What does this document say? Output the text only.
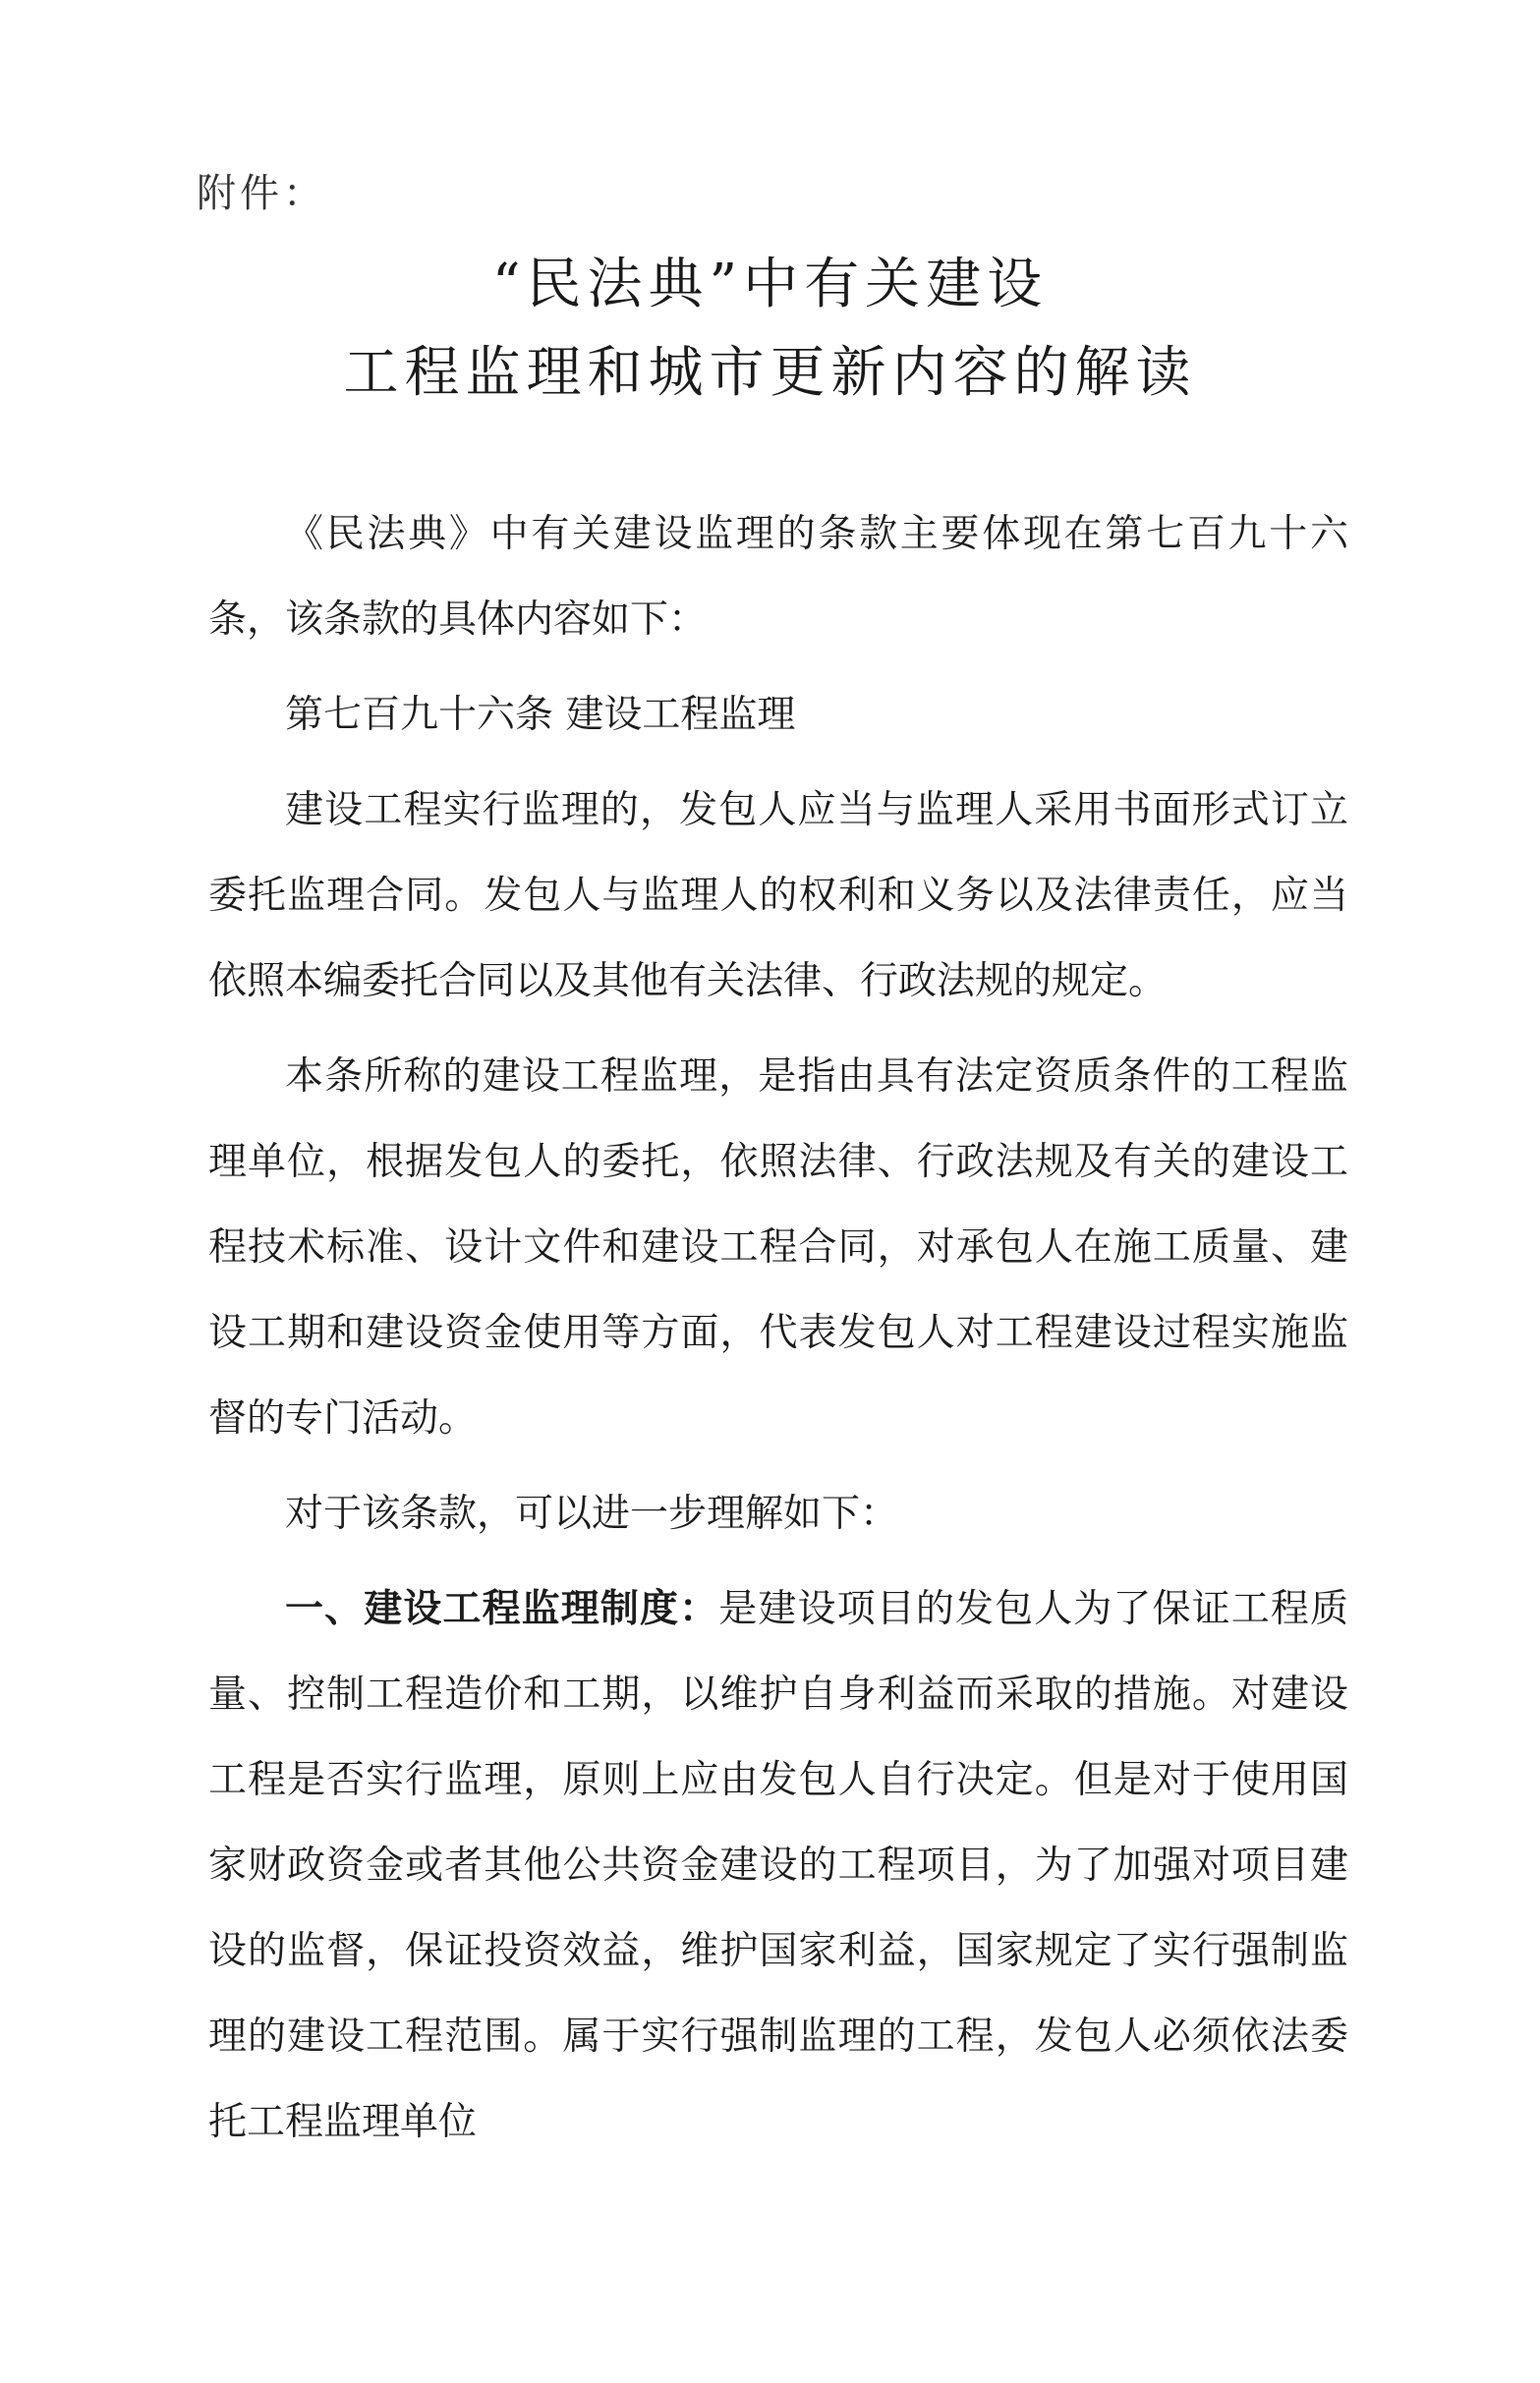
附件：
“民法典”中有关建设
工程监理和城市更新内容的解读

《民法典》中有关建设监理的条款主要体现在第七百九十六条，该条款的具体内容如下：

第七百九十六条 建设工程监理

建设工程实行监理的，发包人应当与监理人采用书面形式订立委托监理合同。发包人与监理人的权利和义务以及法律责任，应当依照本编委托合同以及其他有关法律、行政法规的规定。

本条所称的建设工程监理，是指由具有法定资质条件的工程监理单位，根据发包人的委托，依照法律、行政法规及有关的建设工程技术标准、设计文件和建设工程合同，对承包人在施工质量、建设工期和建设资金使用等方面，代表发包人对工程建设过程实施监督的专门活动。

对于该条款，可以进一步理解如下：

一、建设工程监理制度：是建设项目的发包人为了保证工程质量、控制工程造价和工期，以维护自身利益而采取的措施。对建设工程是否实行监理，原则上应由发包人自行决定。但是对于使用国家财政资金或者其他公共资金建设的工程项目，为了加强对项目建设的监督，保证投资效益，维护国家利益，国家规定了实行强制监理的建设工程范围。属于实行强制监理的工程，发包人必须依法委托工程监理单位
